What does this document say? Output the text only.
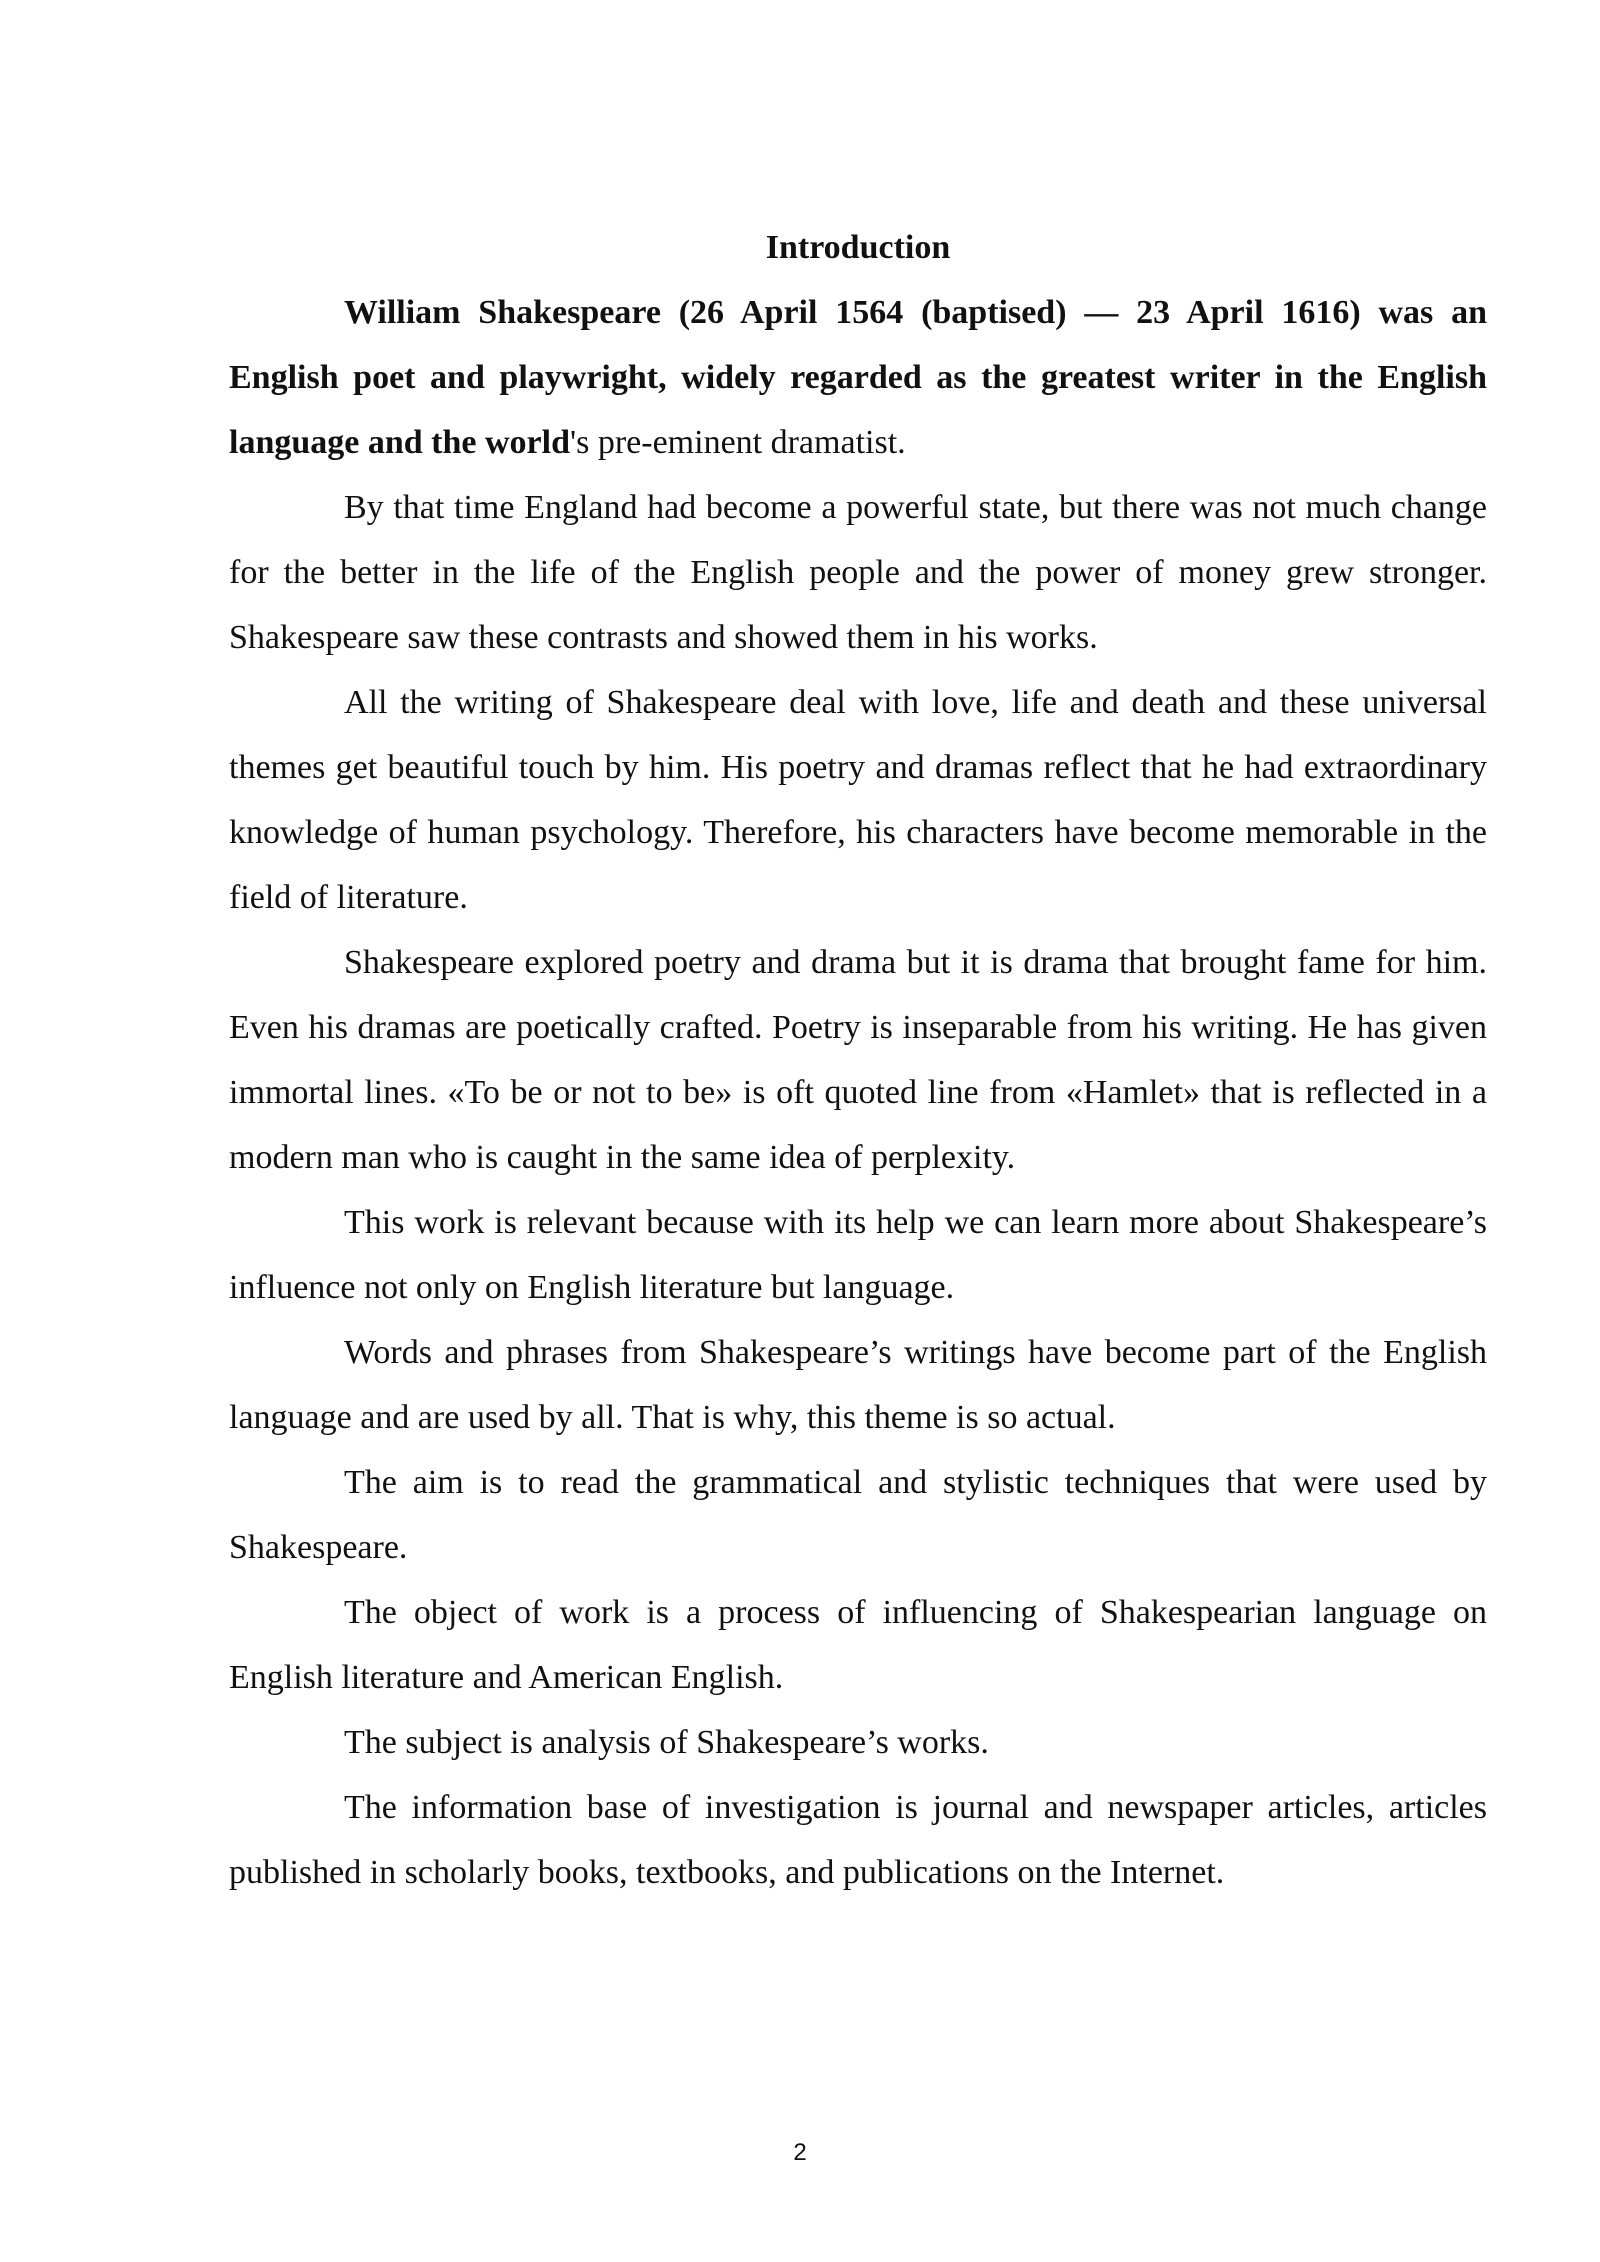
Introduction

William Shakespeare (26 April 1564 (baptised) — 23 April 1616) was an English poet and playwright, widely regarded as the greatest writer in the English language and the world's pre-eminent dramatist.

By that time England had become a powerful state, but there was not much change for the better in the life of the English people and the power of money grew stronger. Shakespeare saw these contrasts and showed them in his works.

All the writing of Shakespeare deal with love, life and death and these universal themes get beautiful touch by him. His poetry and dramas reflect that he had extraordinary knowledge of human psychology. Therefore, his characters have become memorable in the field of literature.

Shakespeare explored poetry and drama but it is drama that brought fame for him. Even his dramas are poetically crafted. Poetry is inseparable from his writing. He has given immortal lines. «To be or not to be» is oft quoted line from «Hamlet» that is reflected in a modern man who is caught in the same idea of perplexity.

This work is relevant because with its help we can learn more about Shakespeare’s influence not only on English literature but language.

Words and phrases from Shakespeare’s writings have become part of the English language and are used by all. That is why, this theme is so actual.

The aim is to read the grammatical and stylistic techniques that were used by Shakespeare.

The object of work is a process of influencing of Shakespearian language on English literature and American English.

The subject is analysis of Shakespeare’s works.

The information base of investigation is journal and newspaper articles, articles published in scholarly books, textbooks, and publications on the Internet.

2
